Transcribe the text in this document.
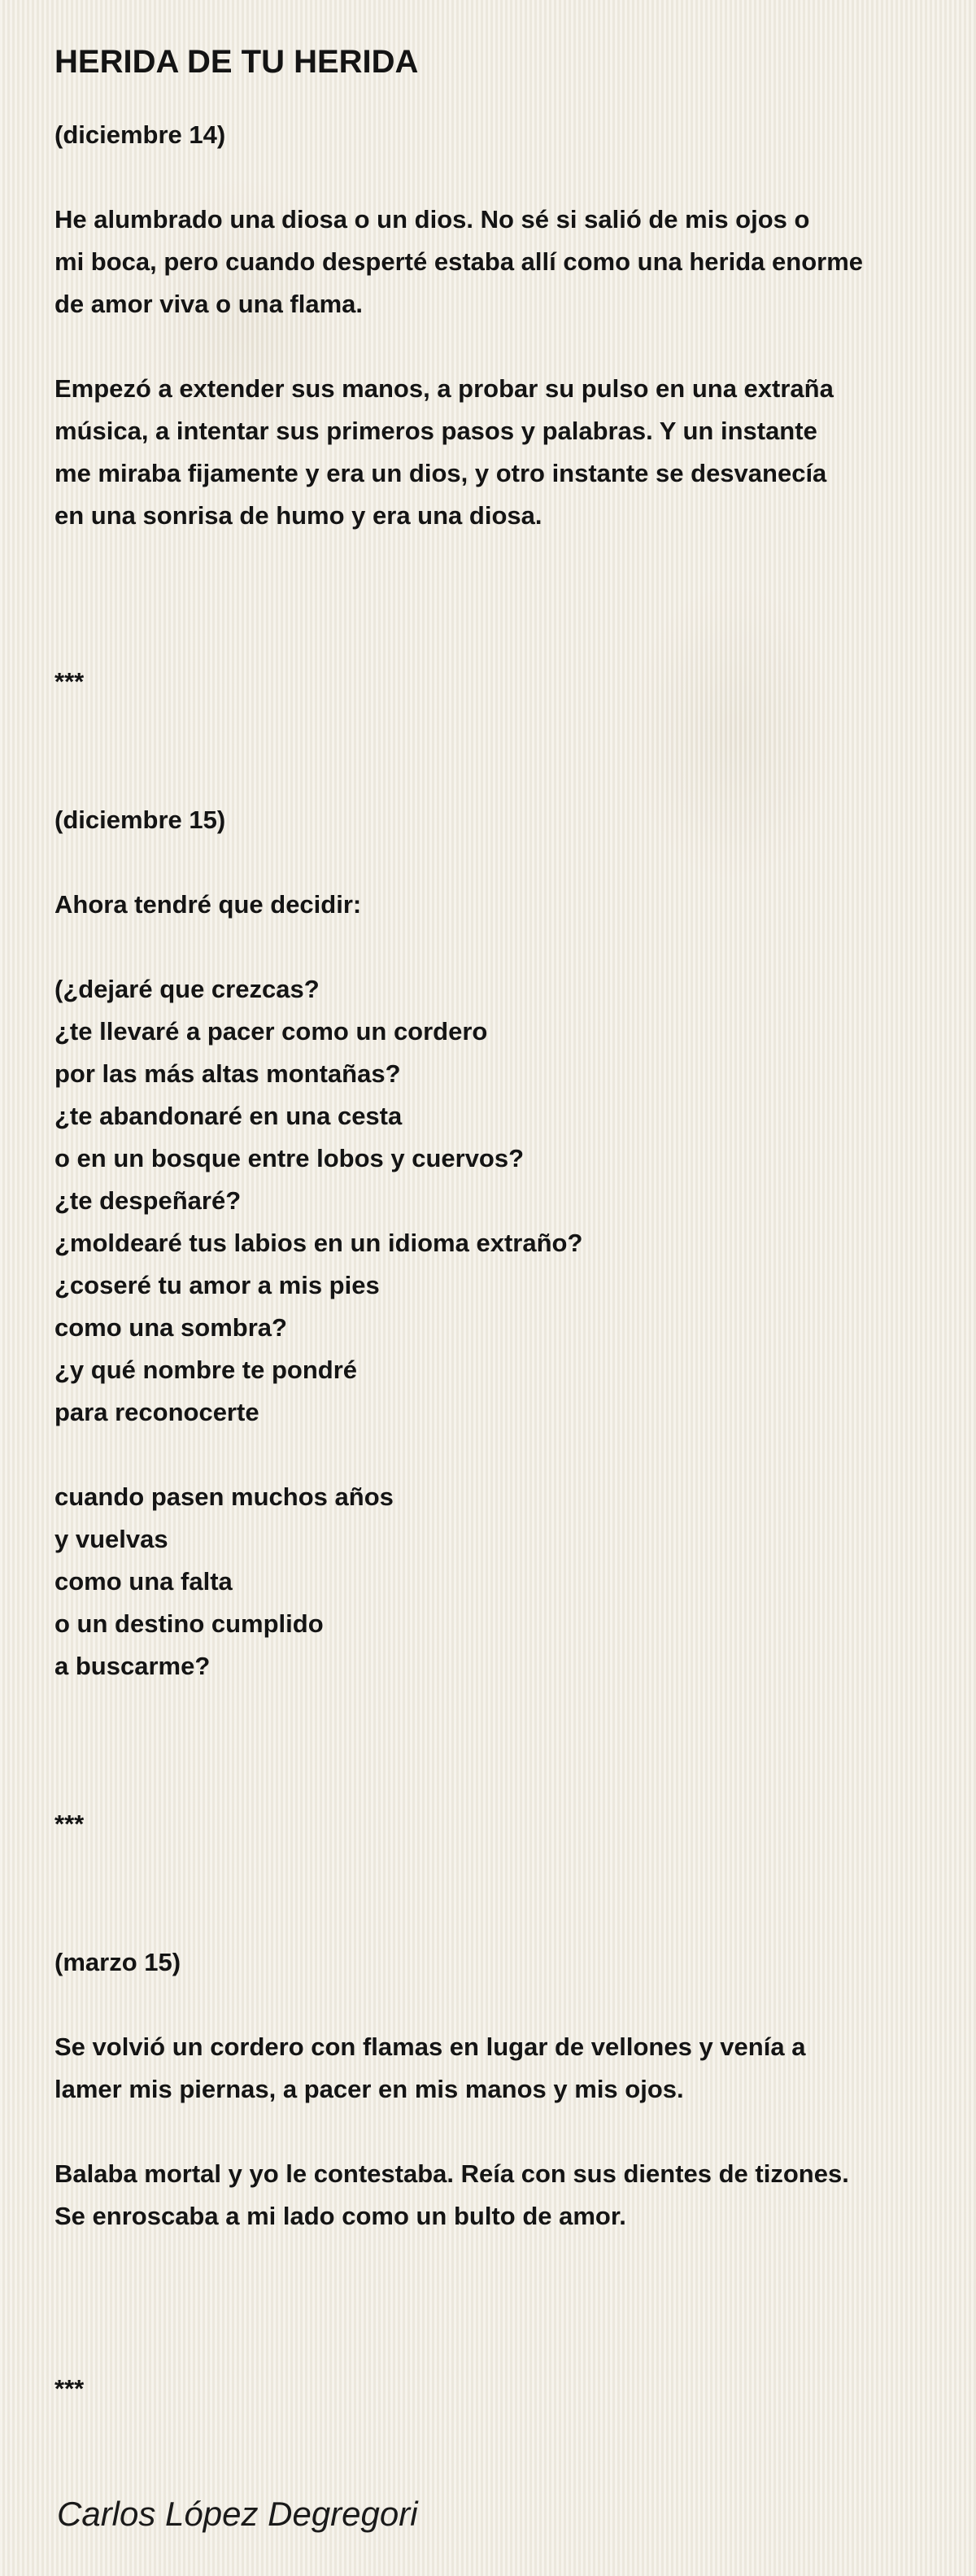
HERIDA DE TU HERIDA
(diciembre 14)
He alumbrado una diosa o un dios. No sé si salió de mis ojos o
mi boca, pero cuando desperté estaba allí como una herida enorme
de amor viva o una flama.
Empezó a extender sus manos, a probar su pulso en una extraña
música, a intentar sus primeros pasos y palabras. Y un instante
me miraba fijamente y era un dios, y otro instante se desvanecía
en una sonrisa de humo y era una diosa.
***
(diciembre 15)
Ahora tendré que decidir:
(¿dejaré que crezcas?
¿te llevaré a pacer como un cordero
por las más altas montañas?
¿te abandonaré en una cesta
o en un bosque entre lobos y cuervos?
¿te despeñaré?
¿moldearé tus labios en un idioma extraño?
¿coseré tu amor a mis pies
como una sombra?
¿y qué nombre te pondré
para reconocerte
cuando pasen muchos años
y vuelvas
como una falta
o un destino cumplido
a buscarme?
***
(marzo 15)
Se volvió un cordero con flamas en lugar de vellones y venía a
lamer mis piernas, a pacer en mis manos y mis ojos.
Balaba mortal y yo le contestaba. Reía con sus dientes de tizones.
Se enroscaba a mi lado como un bulto de amor.
***
Carlos López Degregori
